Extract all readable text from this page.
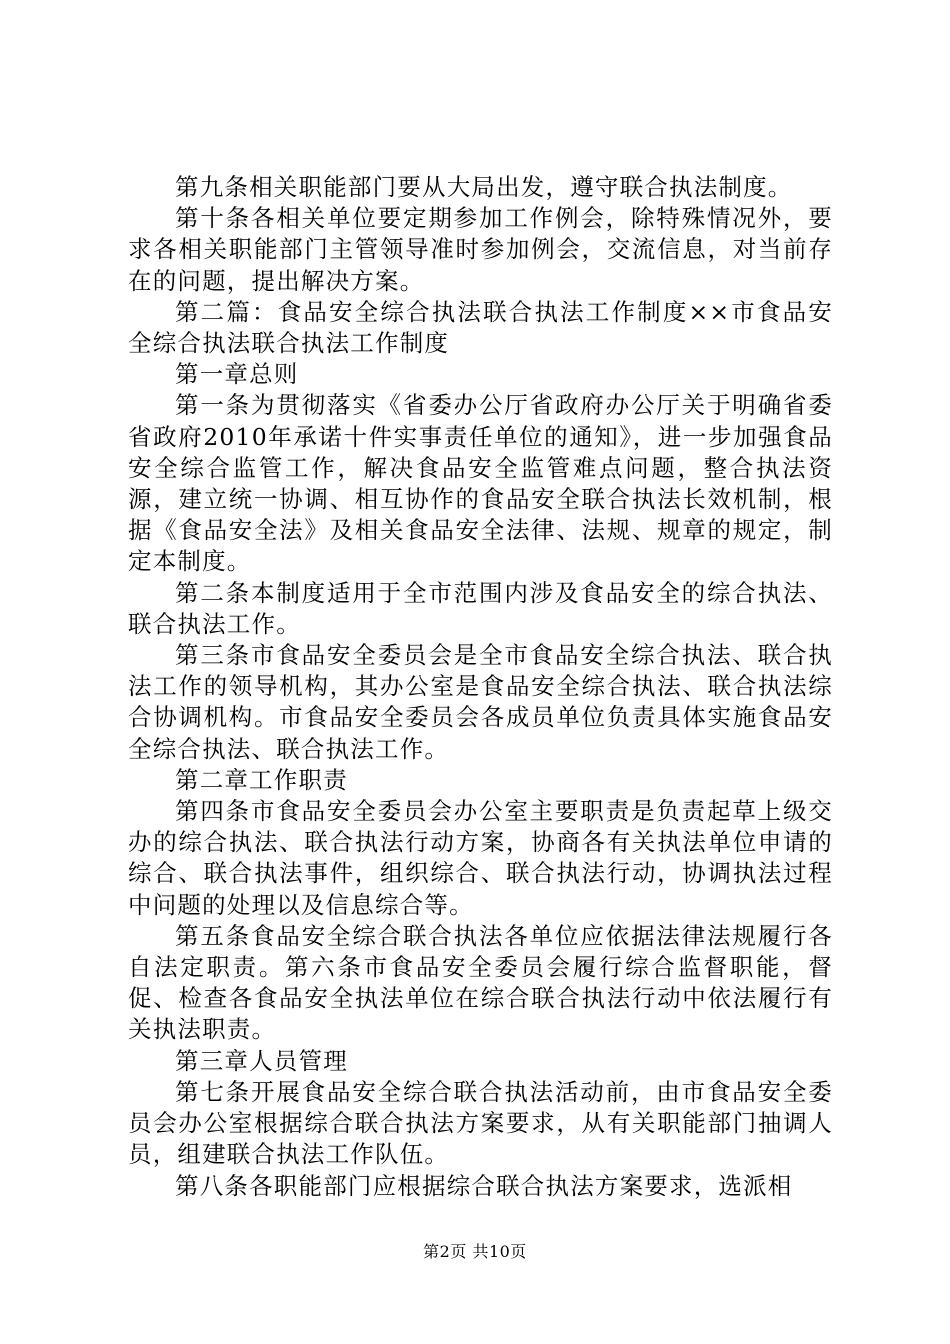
第九条相关职能部门要从大局出发，遵守联合执法制度。

第十条各相关单位要定期参加工作例会，除特殊情况外，要求各相关职能部门主管领导准时参加例会，交流信息，对当前存在的问题，提出解决方案。

第二篇：食品安全综合执法联合执法工作制度××市食品安全综合执法联合执法工作制度

第一章总则

第一条为贯彻落实《省委办公厅省政府办公厅关于明确省委省政府2010年承诺十件实事责任单位的通知》，进一步加强食品安全综合监管工作，解决食品安全监管难点问题，整合执法资源，建立统一协调、相互协作的食品安全联合执法长效机制，根据《食品安全法》及相关食品安全法律、法规、规章的规定，制定本制度。

第二条本制度适用于全市范围内涉及食品安全的综合执法、联合执法工作。

第三条市食品安全委员会是全市食品安全综合执法、联合执法工作的领导机构，其办公室是食品安全综合执法、联合执法综合协调机构。市食品安全委员会各成员单位负责具体实施食品安全综合执法、联合执法工作。

第二章工作职责

第四条市食品安全委员会办公室主要职责是负责起草上级交办的综合执法、联合执法行动方案，协商各有关执法单位申请的综合、联合执法事件，组织综合、联合执法行动，协调执法过程中问题的处理以及信息综合等。

第五条食品安全综合联合执法各单位应依据法律法规履行各自法定职责。第六条市食品安全委员会履行综合监督职能，督促、检查各食品安全执法单位在综合联合执法行动中依法履行有关执法职责。

第三章人员管理

第七条开展食品安全综合联合执法活动前，由市食品安全委员会办公室根据综合联合执法方案要求，从有关职能部门抽调人员，组建联合执法工作队伍。

第八条各职能部门应根据综合联合执法方案要求，选派相

第2页 共10页
